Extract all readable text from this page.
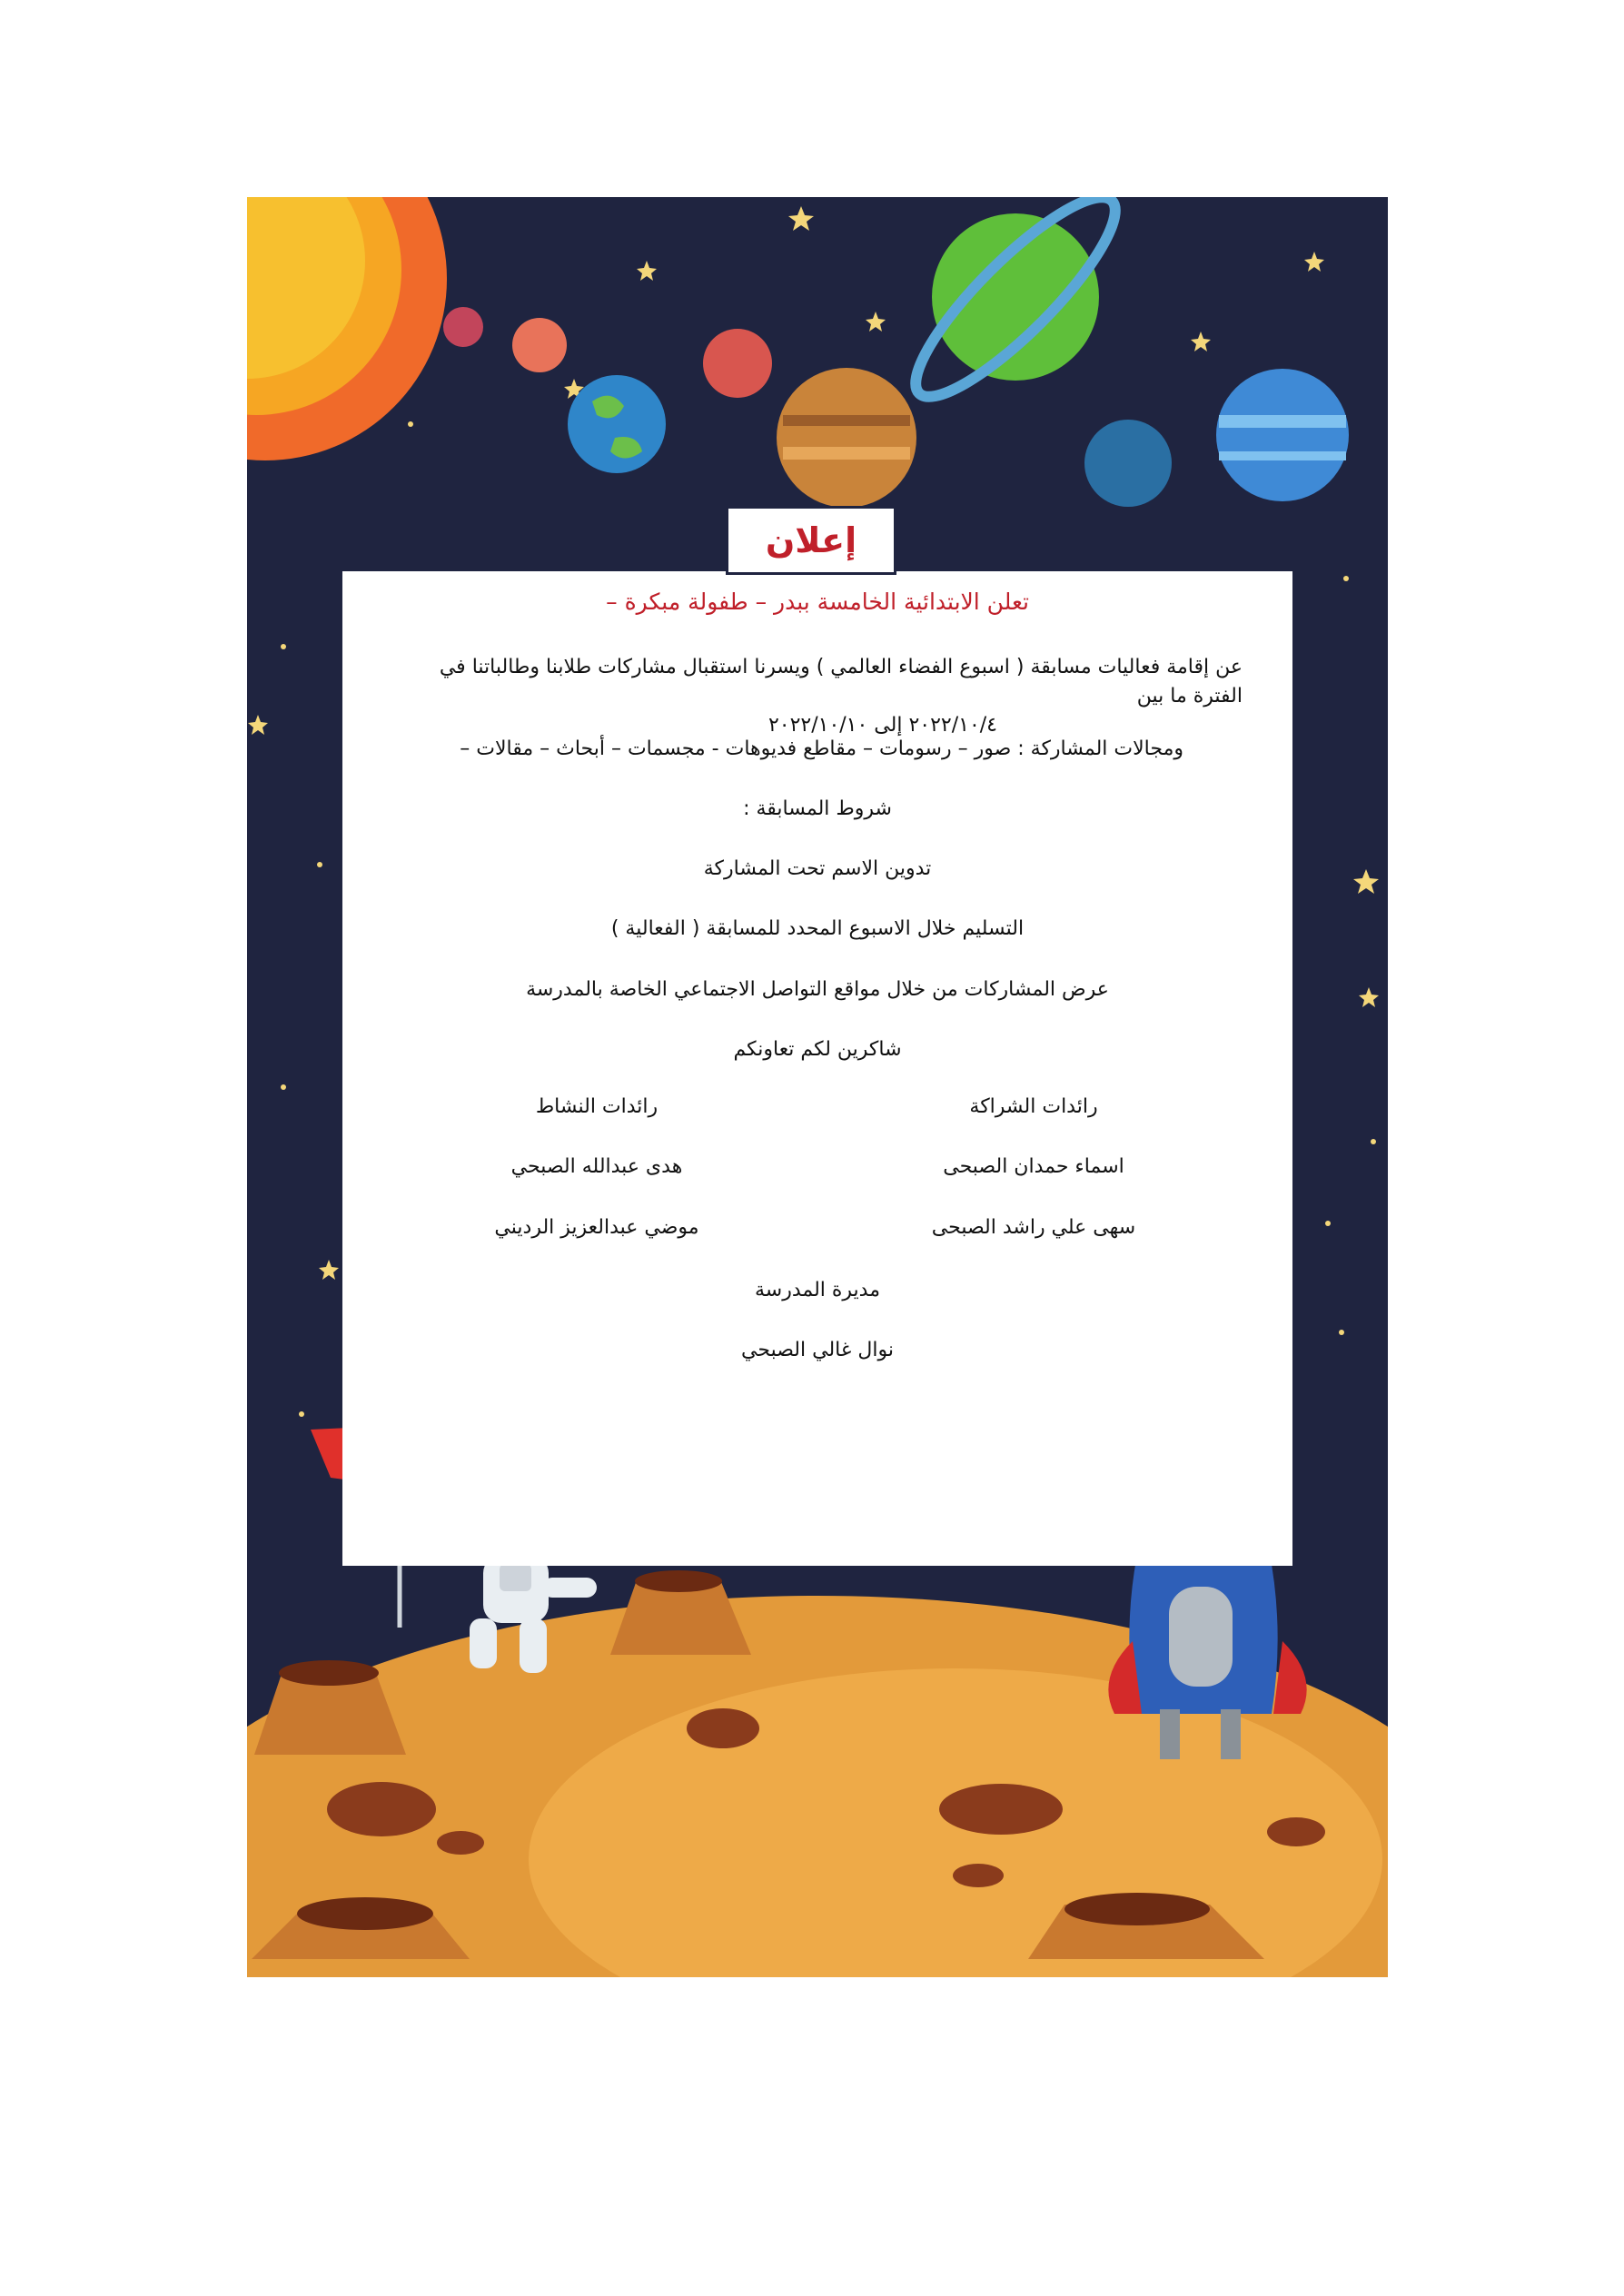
إعلان
تعلن الابتدائية الخامسة ببدر – طفولة مبكرة –
عن إقامة فعاليات مسابقة ( اسبوع الفضاء العالمي ) ويسرنا استقبال مشاركات طلابنا وطالباتنا في الفترة ما بين
٢٠٢٢/١٠/٤ إلى ٢٠٢٢/١٠/١٠
ومجالات المشاركة : صور – رسومات – مقاطع فديوهات - مجسمات – أبحاث – مقالات –
شروط المسابقة :
تدوين الاسم تحت المشاركة
التسليم خلال الاسبوع المحدد للمسابقة ( الفعالية )
عرض المشاركات من خلال مواقع التواصل الاجتماعي الخاصة بالمدرسة
شاكرين لكم تعاونكم
رائدات الشراكة
اسماء حمدان الصبحى
سهى علي راشد الصبحى
رائدات النشاط
هدى عبدالله الصبحي
موضي عبدالعزيز الرديني
مديرة المدرسة
نوال غالي الصبحي
